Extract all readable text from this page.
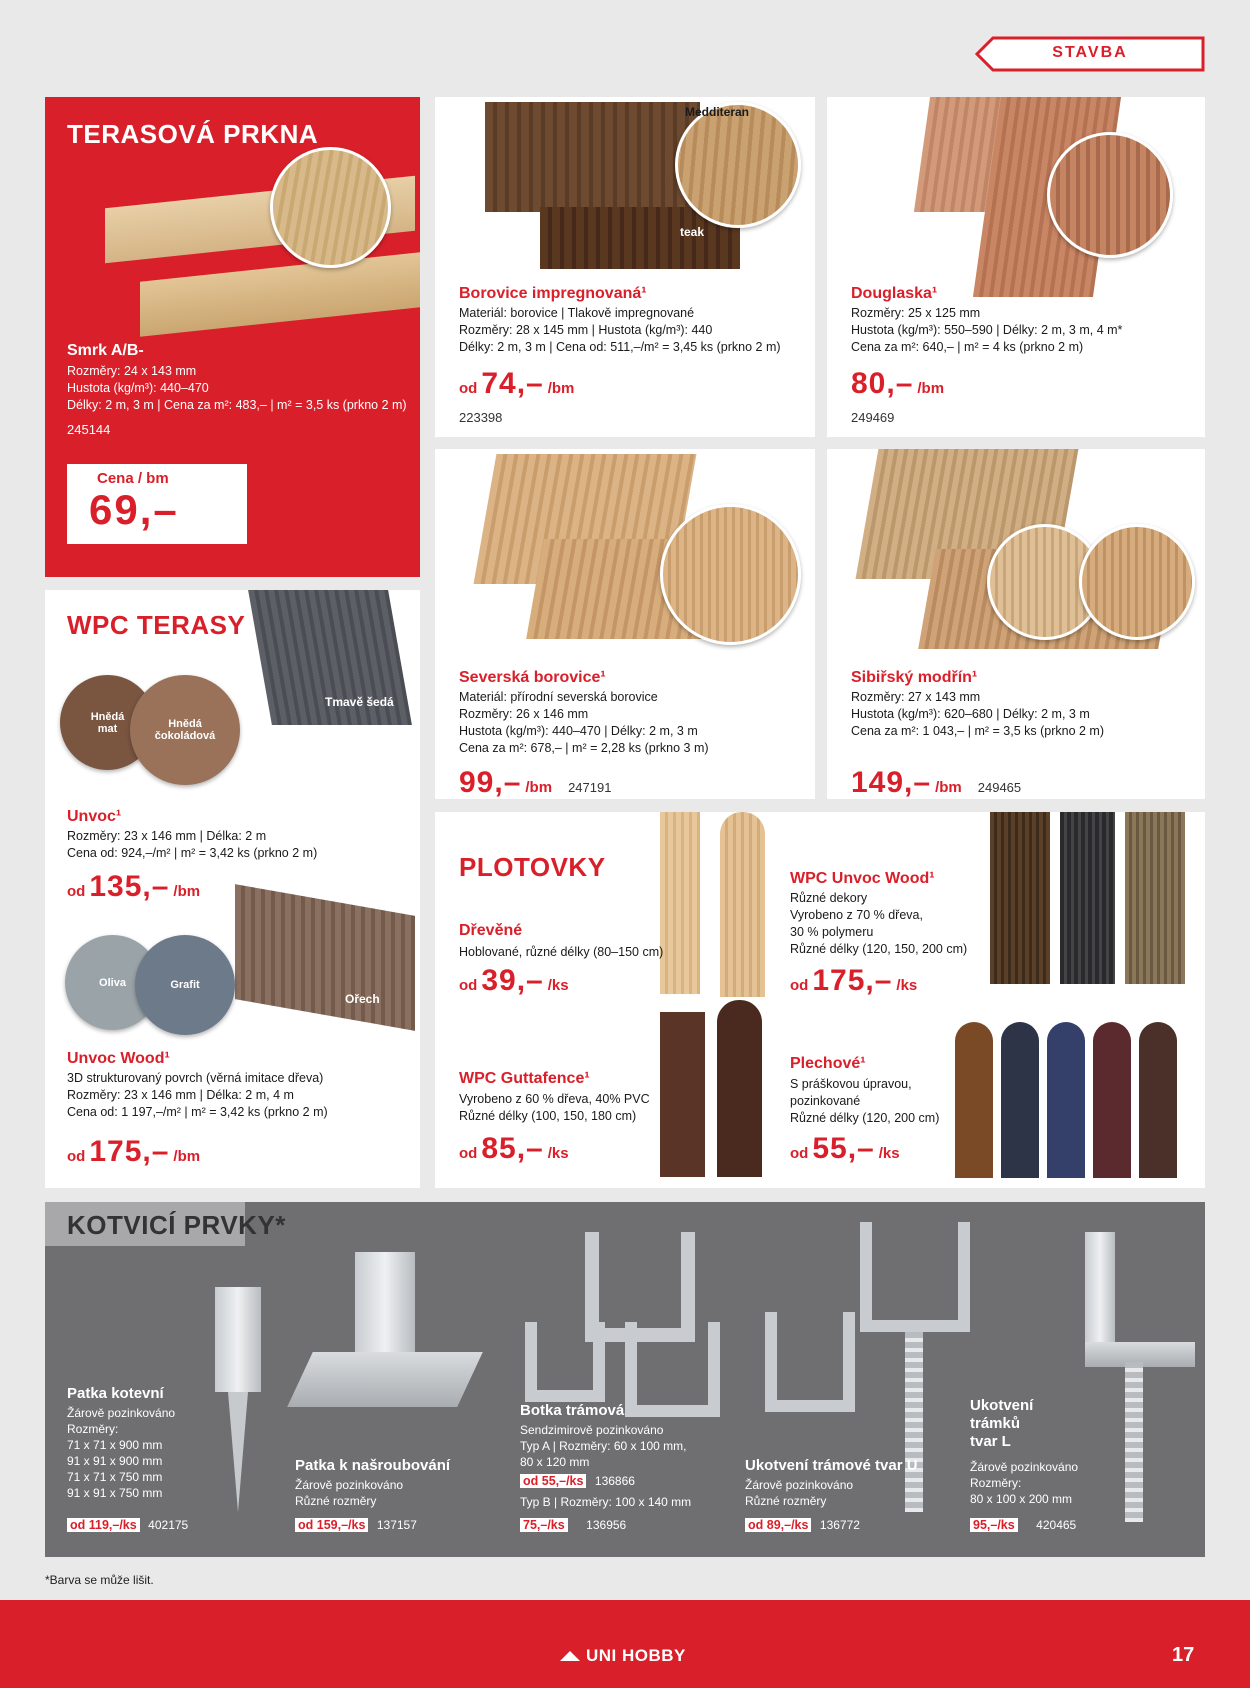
STAVBA
TERASOVÁ PRKNA
Smrk A/B-
Rozměry: 24 x 143 mm
Hustota (kg/m³): 440–470
Délky: 2 m, 3 m | Cena za m²: 483,– | m² = 3,5 ks (prkno 2 m)
245144
Cena / bm
69,–
Medditeran
teak
Borovice impregnovaná¹
Materiál: borovice | Tlakově impregnované
Rozměry: 28 x 145 mm | Hustota (kg/m³): 440
Délky: 2 m, 3 m | Cena od: 511,–/m² = 3,45 ks (prkno 2 m)
od 74,– /bm
223398
Douglaska¹
Rozměry: 25 x 125 mm
Hustota (kg/m³): 550–590 | Délky: 2 m, 3 m, 4 m*
Cena za m²: 640,– | m² = 4 ks (prkno 2 m)
80,– /bm
249469
Severská borovice¹
Materiál: přírodní severská borovice
Rozměry: 26 x 146 mm
Hustota (kg/m³): 440–470 | Délky: 2 m, 3 m
Cena za m²: 678,– | m² = 2,28 ks (prkno 3 m)
99,– /bm 247191
Sibiřský modřín¹
Rozměry: 27 x 143 mm
Hustota (kg/m³): 620–680 | Délky: 2 m, 3 m
Cena za m²: 1 043,– | m² = 3,5 ks (prkno 2 m)
149,– /bm 249465
WPC TERASY
Tmavě šedá
Hnědá
mat	Hnědá
čokoládová
Unvoc¹
Rozměry: 23 x 146 mm | Délka: 2 m
Cena od: 924,–/m² | m² = 3,42 ks (prkno 2 m)
od 135,– /bm
Ořech
Oliva	Grafit
Unvoc Wood¹
3D strukturovaný povrch (věrná imitace dřeva)
Rozměry: 23 x 146 mm | Délka: 2 m, 4 m
Cena od: 1 197,–/m² | m² = 3,42 ks (prkno 2 m)
od 175,– /bm
PLOTOVKY
Dřevěné
Hoblované, různé délky (80–150 cm)
od 39,– /ks
WPC Unvoc Wood¹
Různé dekory
Vyrobeno z 70 % dřeva,
30 % polymeru
Různé délky (120, 150, 200 cm)
od 175,– /ks
WPC Guttafence¹
Vyrobeno z 60 % dřeva, 40% PVC
Různé délky (100, 150, 180 cm)
od 85,– /ks
Plechové¹
S práškovou úpravou,
pozinkované
Různé délky (120, 200 cm)
od 55,– /ks
KOTVICÍ PRVKY*
Patka kotevní
Žárově pozinkováno
Rozměry:
71 x 71 x 900 mm
91 x 91 x 900 mm
71 x 71 x 750 mm
91 x 91 x 750 mm
od 119,–/ks 402175
Patka k našroubování
Žárově pozinkováno
Různé rozměry
od 159,–/ks 137157
Botka trámová
Sendzimirově pozinkováno
Typ A | Rozměry: 60 x 100 mm,
80 x 120 mm
od 55,–/ks 136866
Typ B | Rozměry: 100 x 140 mm
75,–/ks 136956
Ukotvení trámové tvar U
Žárově pozinkováno
Různé rozměry
od 89,–/ks 136772
Ukotvení
trámků
tvar L
Žárově pozinkováno
Rozměry:
80 x 100 x 200 mm
95,–/ks 420465
*Barva se může lišit.
UNI HOBBY	17
